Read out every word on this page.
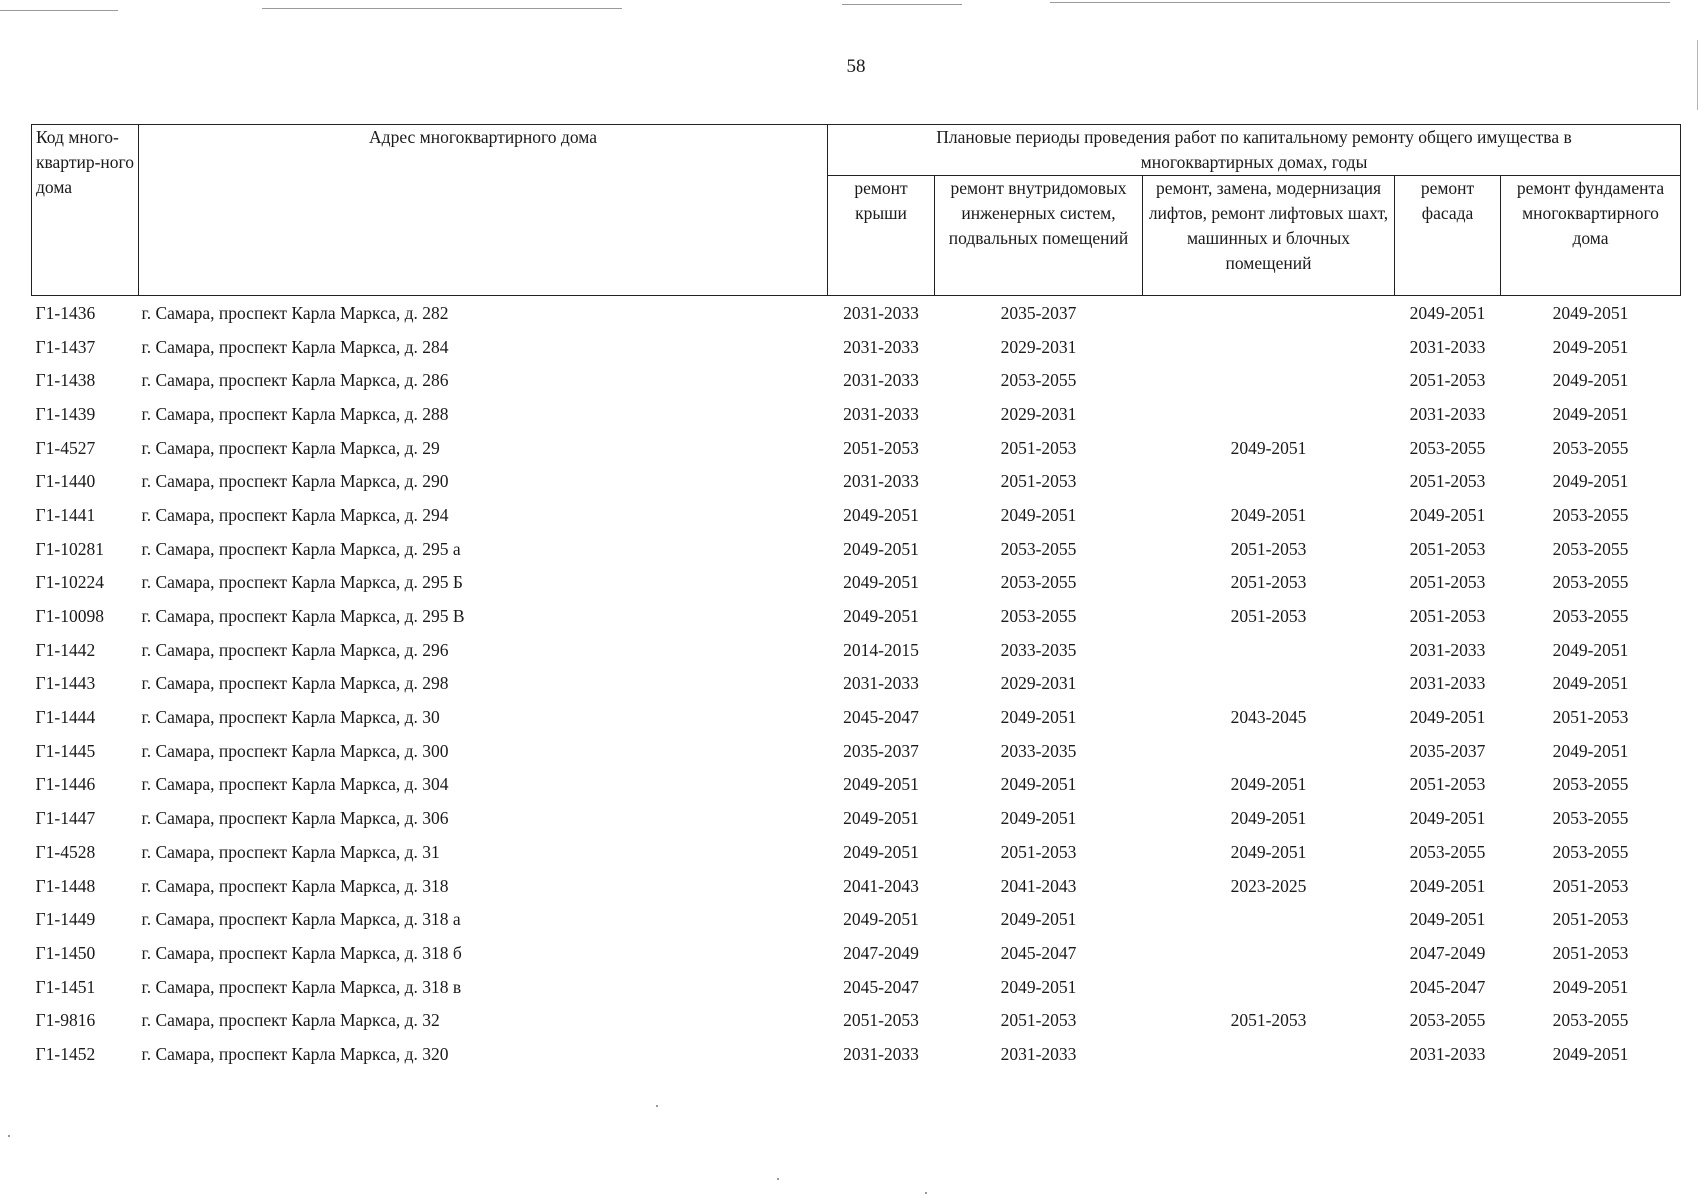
58
Код много-квартир-ного дома	Адрес многоквартирного дома	Плановые периоды проведения работ по капитальному ремонту общего имущества в многоквартирных домах, годы				
		ремонт крыши	ремонт внутридомовых инженерных систем, подвальных помещений	ремонт, замена, модернизация лифтов, ремонт лифтовых шахт, машинных и блочных помещений	ремонт фасада	ремонт фундамента многоквартирного дома
Г1-1436	г. Самара, проспект Карла Маркса, д. 282	2031-2033	2035-2037		2049-2051	2049-2051
Г1-1437	г. Самара, проспект Карла Маркса, д. 284	2031-2033	2029-2031		2031-2033	2049-2051
Г1-1438	г. Самара, проспект Карла Маркса, д. 286	2031-2033	2053-2055		2051-2053	2049-2051
Г1-1439	г. Самара, проспект Карла Маркса, д. 288	2031-2033	2029-2031		2031-2033	2049-2051
Г1-4527	г. Самара, проспект Карла Маркса, д. 29	2051-2053	2051-2053	2049-2051	2053-2055	2053-2055
Г1-1440	г. Самара, проспект Карла Маркса, д. 290	2031-2033	2051-2053		2051-2053	2049-2051
Г1-1441	г. Самара, проспект Карла Маркса, д. 294	2049-2051	2049-2051	2049-2051	2049-2051	2053-2055
Г1-10281	г. Самара, проспект Карла Маркса, д. 295 а	2049-2051	2053-2055	2051-2053	2051-2053	2053-2055
Г1-10224	г. Самара, проспект Карла Маркса, д. 295 Б	2049-2051	2053-2055	2051-2053	2051-2053	2053-2055
Г1-10098	г. Самара, проспект Карла Маркса, д. 295 В	2049-2051	2053-2055	2051-2053	2051-2053	2053-2055
Г1-1442	г. Самара, проспект Карла Маркса, д. 296	2014-2015	2033-2035		2031-2033	2049-2051
Г1-1443	г. Самара, проспект Карла Маркса, д. 298	2031-2033	2029-2031		2031-2033	2049-2051
Г1-1444	г. Самара, проспект Карла Маркса, д. 30	2045-2047	2049-2051	2043-2045	2049-2051	2051-2053
Г1-1445	г. Самара, проспект Карла Маркса, д. 300	2035-2037	2033-2035		2035-2037	2049-2051
Г1-1446	г. Самара, проспект Карла Маркса, д. 304	2049-2051	2049-2051	2049-2051	2051-2053	2053-2055
Г1-1447	г. Самара, проспект Карла Маркса, д. 306	2049-2051	2049-2051	2049-2051	2049-2051	2053-2055
Г1-4528	г. Самара, проспект Карла Маркса, д. 31	2049-2051	2051-2053	2049-2051	2053-2055	2053-2055
Г1-1448	г. Самара, проспект Карла Маркса, д. 318	2041-2043	2041-2043	2023-2025	2049-2051	2051-2053
Г1-1449	г. Самара, проспект Карла Маркса, д. 318 а	2049-2051	2049-2051		2049-2051	2051-2053
Г1-1450	г. Самара, проспект Карла Маркса, д. 318 б	2047-2049	2045-2047		2047-2049	2051-2053
Г1-1451	г. Самара, проспект Карла Маркса, д. 318 в	2045-2047	2049-2051		2045-2047	2049-2051
Г1-9816	г. Самара, проспект Карла Маркса, д. 32	2051-2053	2051-2053	2051-2053	2053-2055	2053-2055
Г1-1452	г. Самара, проспект Карла Маркса, д. 320	2031-2033	2031-2033		2031-2033	2049-2051
